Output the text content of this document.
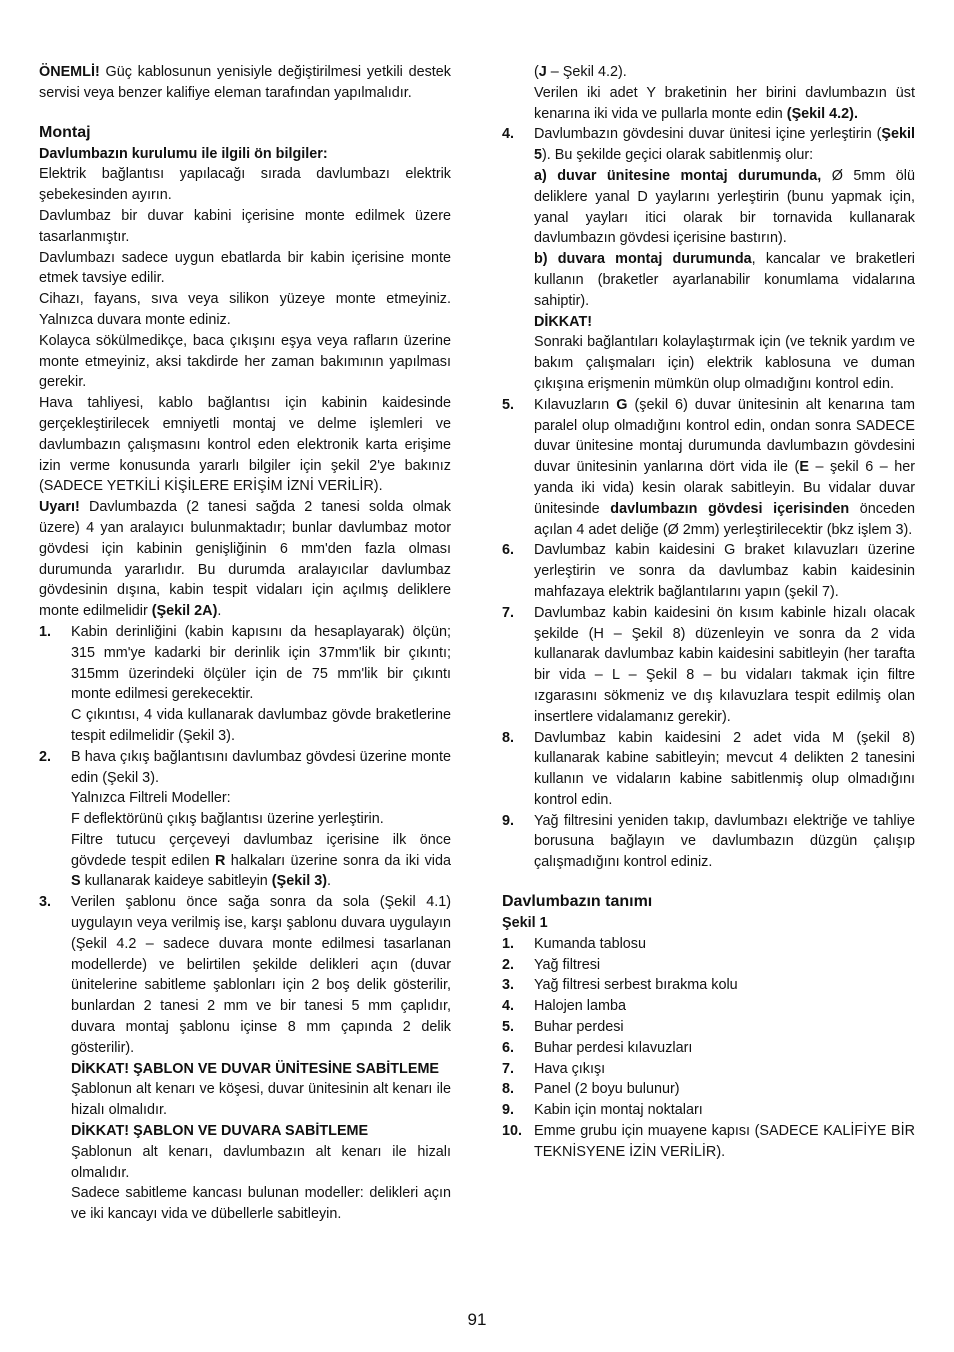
ÖNEMLİ! Güç kablosunun yenisiyle değiştirilmesi yetkili destek servisi veya benzer kalifiye eleman tarafından yapılmalıdır.

Montaj

Davlumbazın kurulumu ile ilgili ön bilgiler:

Elektrik bağlantısı yapılacağı sırada davlumbazı elektrik şebekesinden ayırın.

Davlumbaz bir duvar kabini içerisine monte edilmek üzere tasarlanmıştır.

Davlumbazı sadece uygun ebatlarda bir kabin içerisine monte etmek tavsiye edilir.

Cihazı, fayans, sıva veya silikon yüzeye monte etmeyiniz. Yalnızca duvara monte ediniz.

Kolayca sökülmedikçe, baca çıkışını eşya veya rafların üzerine monte etmeyiniz, aksi takdirde her zaman bakımının yapılması gerekir.

Hava tahliyesi, kablo bağlantısı için kabinin kaidesinde gerçekleştirilecek emniyetli montaj ve delme işlemleri ve davlumbazın çalışmasını kontrol eden elektronik karta erişime izin verme konusunda yararlı bilgiler için şekil 2'ye bakınız (SADECE YETKİLİ KİŞİLERE ERİŞİM İZNİ VERİLİR).

Uyarı! Davlumbazda (2 tanesi sağda 2 tanesi solda olmak üzere) 4 yan aralayıcı bulunmaktadır; bunlar davlumbaz motor gövdesi için kabinin genişliğinin 6 mm'den fazla olması durumunda yararlıdır. Bu durumda aralayıcılar davlumbaz gövdesinin dışına, kabin tespit vidaları için açılmış deliklere monte edilmelidir (Şekil 2A).

1. Kabin derinliğini (kabin kapısını da hesaplayarak) ölçün; 315 mm'ye kadarki bir derinlik için 37mm'lik bir çıkıntı; 315mm üzerindeki ölçüler için de 75 mm'lik bir çıkıntı monte edilmesi gerekecektir.

C çıkıntısı, 4 vida kullanarak davlumbaz gövde braketlerine tespit edilmelidir (Şekil 3).

2. B hava çıkış bağlantısını davlumbaz gövdesi üzerine monte edin (Şekil 3).

Yalnızca Filtreli Modeller:

F deflektörünü çıkış bağlantısı üzerine yerleştirin.

Filtre tutucu çerçeveyi davlumbaz içerisine ilk önce gövdede tespit edilen R halkaları üzerine sonra da iki vida S kullanarak kaideye sabitleyin (Şekil 3).

3. Verilen şablonu önce sağa sonra da sola (Şekil 4.1) uygulayın veya verilmiş ise, karşı şablonu duvara uygulayın (Şekil 4.2 – sadece duvara monte edilmesi tasarlanan modellerde) ve belirtilen şekilde delikleri açın (duvar ünitelerine sabitleme şablonları için 2 boş delik gösterilir, bunlardan 2 tanesi 2 mm ve bir tanesi 5 mm çaplıdır, duvara montaj şablonu içinse 8 mm çapında 2 delik gösterilir).

DİKKAT! ŞABLON VE DUVAR ÜNİTESİNE SABİTLEME

Şablonun alt kenarı ve köşesi, duvar ünitesinin alt kenarı ile hizalı olmalıdır.

DİKKAT! ŞABLON VE DUVARA SABİTLEME

Şablonun alt kenarı, davlumbazın alt kenarı ile hizalı olmalıdır.

Sadece sabitleme kancası bulunan modeller: delikleri açın ve iki kancayı vida ve dübellerle sabitleyin.

(J – Şekil 4.2).

Verilen iki adet Y braketinin her birini davlumbazın üst kenarına iki vida ve pullarla monte edin (Şekil 4.2).

4. Davlumbazın gövdesini duvar ünitesi içine yerleştirin (Şekil 5). Bu şekilde geçici olarak sabitlenmiş olur:

a) duvar ünitesine montaj durumunda, Ø 5mm ölü deliklere yanal D yaylarını yerleştirin (bunu yapmak için, yanal yayları itici olarak bir tornavida kullanarak davlumbazın gövdesi içerisine bastırın).

b) duvara montaj durumunda, kancalar ve braketleri kullanın (braketler ayarlanabilir konumlama vidalarına sahiptir).

DİKKAT!

Sonraki bağlantıları kolaylaştırmak için (ve teknik yardım ve bakım çalışmaları için) elektrik kablosuna ve duman çıkışına erişmenin mümkün olup olmadığını kontrol edin.

5. Kılavuzların G (şekil 6) duvar ünitesinin alt kenarına tam paralel olup olmadığını kontrol edin, ondan sonra SADECE duvar ünitesine montaj durumunda davlumbazın gövdesini duvar ünitesinin yanlarına dört vida ile (E – şekil 6 – her yanda iki vida) kesin olarak sabitleyin. Bu vidalar duvar ünitesinde davlumbazın gövdesi içerisinden önceden açılan 4 adet deliğe (Ø 2mm) yerleştirilecektir (bkz işlem 3).

6. Davlumbaz kabin kaidesini G braket kılavuzları üzerine yerleştirin ve sonra da davlumbaz kabin kaidesinin mahfazaya elektrik bağlantılarını yapın (şekil 7).

7. Davlumbaz kabin kaidesini ön kısım kabinle hizalı olacak şekilde (H – Şekil 8) düzenleyin ve sonra da 2 vida kullanarak davlumbaz kabin kaidesini sabitleyin (her tarafta bir vida – L – Şekil 8 – bu vidaları takmak için filtre ızgarasını sökmeniz ve dış kılavuzlara tespit edilmiş olan insertlere vidalamanız gerekir).

8. Davlumbaz kabin kaidesini 2 adet vida M (şekil 8) kullanarak kabine sabitleyin; mevcut 4 delikten 2 tanesini kullanın ve vidaların kabine sabitlenmiş olup olmadığını kontrol edin.

9. Yağ filtresini yeniden takıp, davlumbazı elektriğe ve tahliye borusuna bağlayın ve davlumbazın düzgün çalışıp çalışmadığını kontrol ediniz.

Davlumbazın tanımı

Şekil 1

1. Kumanda tablosu
2. Yağ filtresi
3. Yağ filtresi serbest bırakma kolu
4. Halojen lamba
5. Buhar perdesi
6. Buhar perdesi kılavuzları
7. Hava çıkışı
8. Panel (2 boyu bulunur)
9. Kabin için montaj noktaları
10. Emme grubu için muayene kapısı (SADECE KALİFİYE BİR TEKNİSYENE İZİN VERİLİR).
91
